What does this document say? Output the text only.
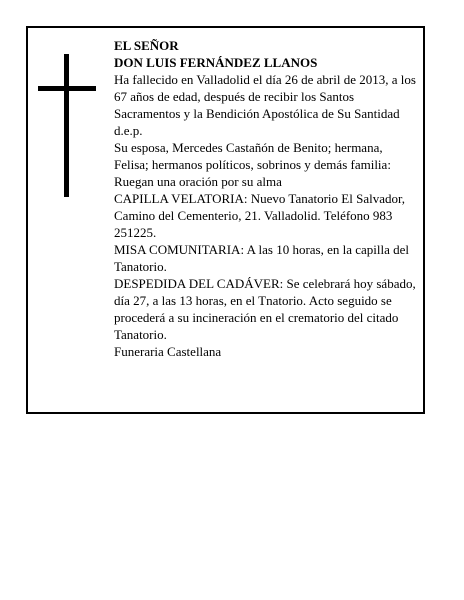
EL SEÑOR

DON LUIS FERNÁNDEZ LLANOS

Ha fallecido en Valladolid el día 26 de abril de 2013, a los 67 años de edad, después de recibir los Santos Sacramentos y la Bendición Apostólica de Su Santidad d.e.p.

Su esposa, Mercedes Castañón de Benito; hermana, Felisa; hermanos políticos, sobrinos y demás familia:

Ruegan una oración por su alma

CAPILLA VELATORIA: Nuevo Tanatorio El Salvador, Camino del Cementerio, 21. Valladolid. Teléfono 983 251225.

MISA COMUNITARIA: A las 10 horas, en la capilla del Tanatorio.

DESPEDIDA DEL CADÁVER: Se celebrará hoy sábado, día 27, a las 13 horas, en el Tnatorio. Acto seguido se procederá a su incineración en el crematorio del citado Tanatorio.

Funeraria Castellana
